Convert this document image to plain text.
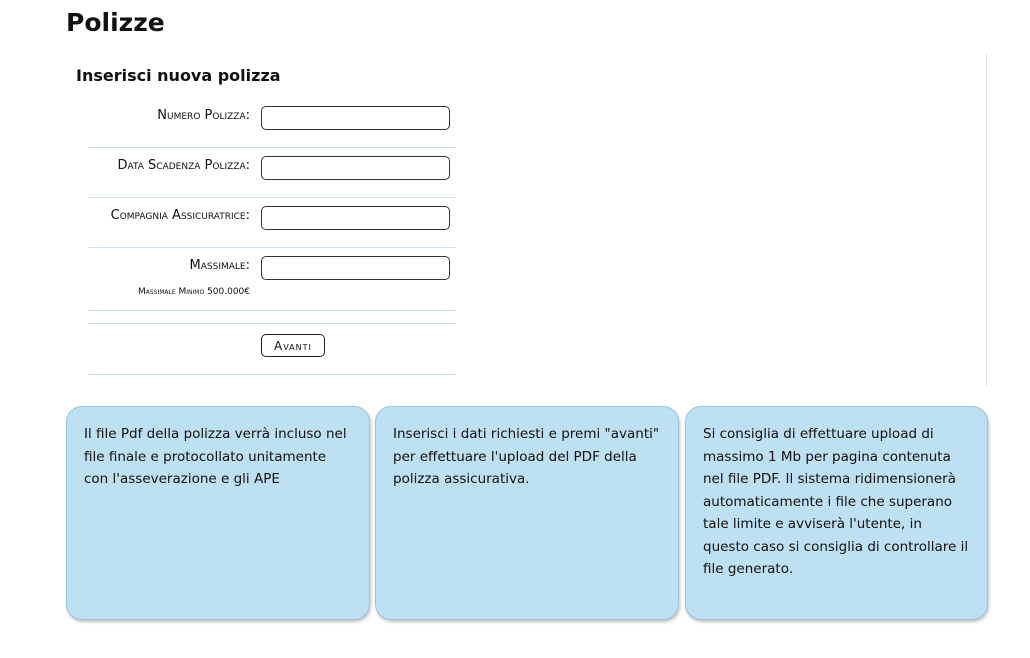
Polizze
Inserisci nuova polizza
Numero Polizza:	
Data Scadenza Polizza:	
Compagnia Assicuratrice:	
Massimale:
Massimale Minimo 500.000€

	Avanti
Il file Pdf della polizza verrà incluso nel file finale e protocollato unitamente con l'asseverazione e gli APE
Inserisci i dati richiesti e premi "avanti" per effettuare l'upload del PDF della polizza assicurativa.
Si consiglia di effettuare upload di massimo 1 Mb per pagina contenuta nel file PDF. Il sistema ridimensionerà automaticamente i file che superano tale limite e avviserà l'utente, in questo caso si consiglia di controllare il file generato.
